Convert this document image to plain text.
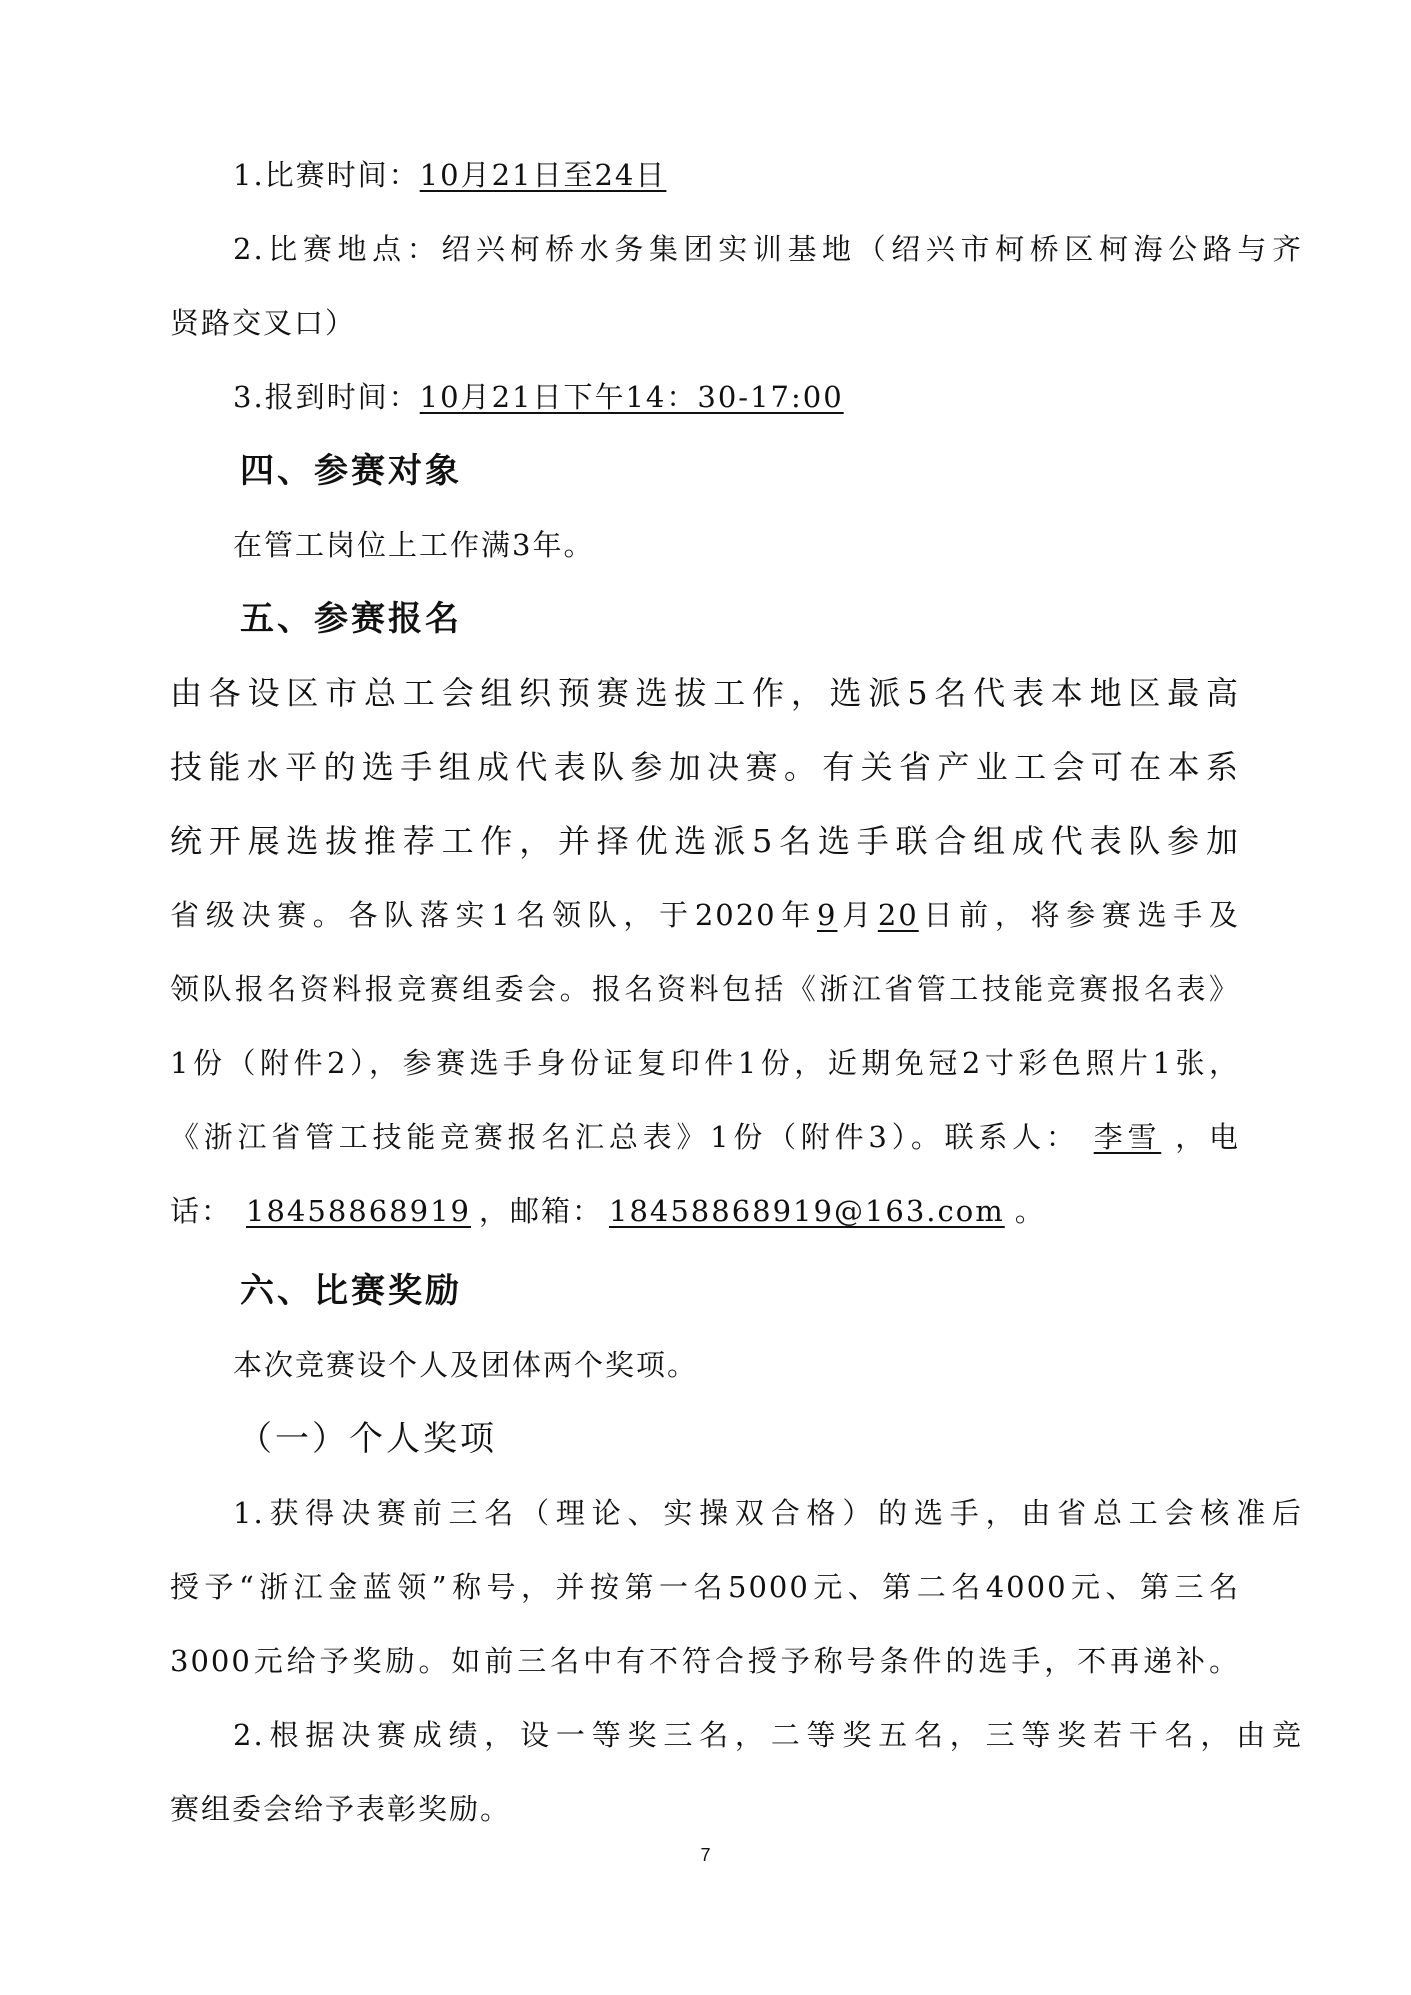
1.比赛时间：10月21日至24日
2.比赛地点：绍兴柯桥水务集团实训基地（绍兴市柯桥区柯海公路与齐
贤路交叉口）
3.报到时间：10月21日下午14：30-17:00
四、参赛对象
在管工岗位上工作满3年。
五、参赛报名
由各设区市总工会组织预赛选拔工作，选派5名代表本地区最高
技能水平的选手组成代表队参加决赛。有关省产业工会可在本系
统开展选拔推荐工作，并择优选派5名选手联合组成代表队参加
省级决赛。各队落实1名领队，于2020年9月20日前，将参赛选手及
领队报名资料报竞赛组委会。报名资料包括《浙江省管工技能竞赛报名表》
1份（附件2），参赛选手身份证复印件1份，近期免冠2寸彩色照片1张，
《浙江省管工技能竞赛报名汇总表》1份（附件3）。联系人： 李雪 ，电
话： 18458868919 ，邮箱： 18458868919@163.com 。
六、比赛奖励
本次竞赛设个人及团体两个奖项。
（一）个人奖项
1.获得决赛前三名（理论、实操双合格）的选手，由省总工会核准后
授予“浙江金蓝领”称号，并按第一名5000元、第二名4000元、第三名
3000元给予奖励。如前三名中有不符合授予称号条件的选手，不再递补。
2.根据决赛成绩，设一等奖三名，二等奖五名，三等奖若干名，由竞
赛组委会给予表彰奖励。
7
